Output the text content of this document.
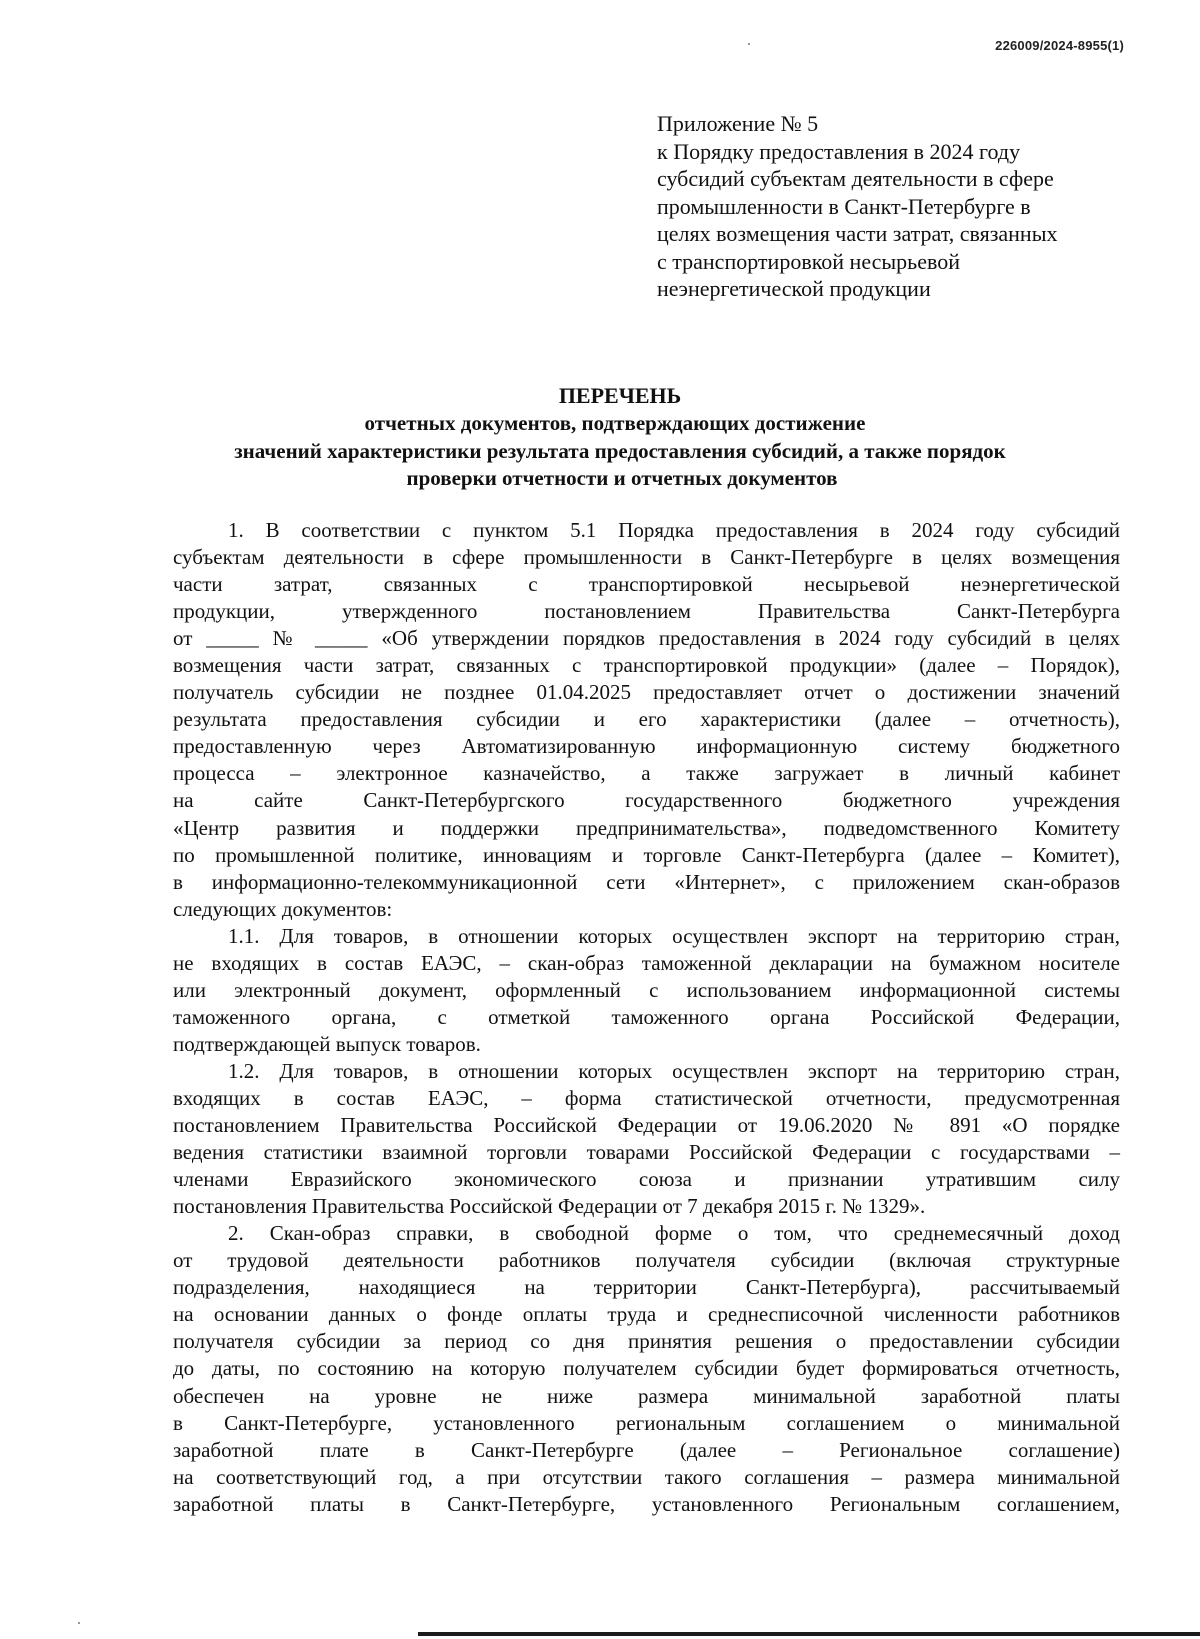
226009/2024-8955(1)
Приложение № 5
к Порядку предоставления в 2024 году
субсидий субъектам деятельности в сфере
промышленности в Санкт-Петербурге в
целях возмещения части затрат, связанных
с транспортировкой несырьевой
неэнергетической продукции
ПЕРЕЧЕНЬ
отчетных документов, подтверждающих достижение
значений характеристики результата предоставления субсидий, а также порядок
проверки отчетности и отчетных документов
1. В соответствии с пунктом 5.1 Порядка предоставления в 2024 году субсидий
субъектам деятельности в сфере промышленности в Санкт-Петербурге в целях возмещения
части затрат, связанных с транспортировкой несырьевой неэнергетической
продукции, утвержденного постановлением Правительства Санкт-Петербурга
от _____ № _____ «Об утверждении порядков предоставления в 2024 году субсидий в целях
возмещения части затрат, связанных с транспортировкой продукции» (далее – Порядок),
получатель субсидии не позднее 01.04.2025 предоставляет отчет о достижении значений
результата предоставления субсидии и его характеристики (далее – отчетность),
предоставленную через Автоматизированную информационную систему бюджетного
процесса – электронное казначейство, а также загружает в личный кабинет
на сайте Санкт-Петербургского государственного бюджетного учреждения
«Центр развития и поддержки предпринимательства», подведомственного Комитету
по промышленной политике, инновациям и торговле Санкт-Петербурга (далее – Комитет),
в информационно-телекоммуникационной сети «Интернет», с приложением скан-образов
следующих документов:
1.1. Для товаров, в отношении которых осуществлен экспорт на территорию стран,
не входящих в состав ЕАЭС, – скан-образ таможенной декларации на бумажном носителе
или электронный документ, оформленный с использованием информационной системы
таможенного органа, с отметкой таможенного органа Российской Федерации,
подтверждающей выпуск товаров.
1.2. Для товаров, в отношении которых осуществлен экспорт на территорию стран,
входящих в состав ЕАЭС, – форма статистической отчетности, предусмотренная
постановлением Правительства Российской Федерации от 19.06.2020 № 891 «О порядке
ведения статистики взаимной торговли товарами Российской Федерации с государствами –
членами Евразийского экономического союза и признании утратившим силу
постановления Правительства Российской Федерации от 7 декабря 2015 г. № 1329».
2. Скан-образ справки, в свободной форме о том, что среднемесячный доход
от трудовой деятельности работников получателя субсидии (включая структурные
подразделения, находящиеся на территории Санкт-Петербурга), рассчитываемый
на основании данных о фонде оплаты труда и среднесписочной численности работников
получателя субсидии за период со дня принятия решения о предоставлении субсидии
до даты, по состоянию на которую получателем субсидии будет формироваться отчетность,
обеспечен на уровне не ниже размера минимальной заработной платы
в Санкт-Петербурге, установленного региональным соглашением о минимальной
заработной плате в Санкт-Петербурге (далее – Региональное соглашение)
на соответствующий год, а при отсутствии такого соглашения – размера минимальной
заработной платы в Санкт-Петербурге, установленного Региональным соглашением,
